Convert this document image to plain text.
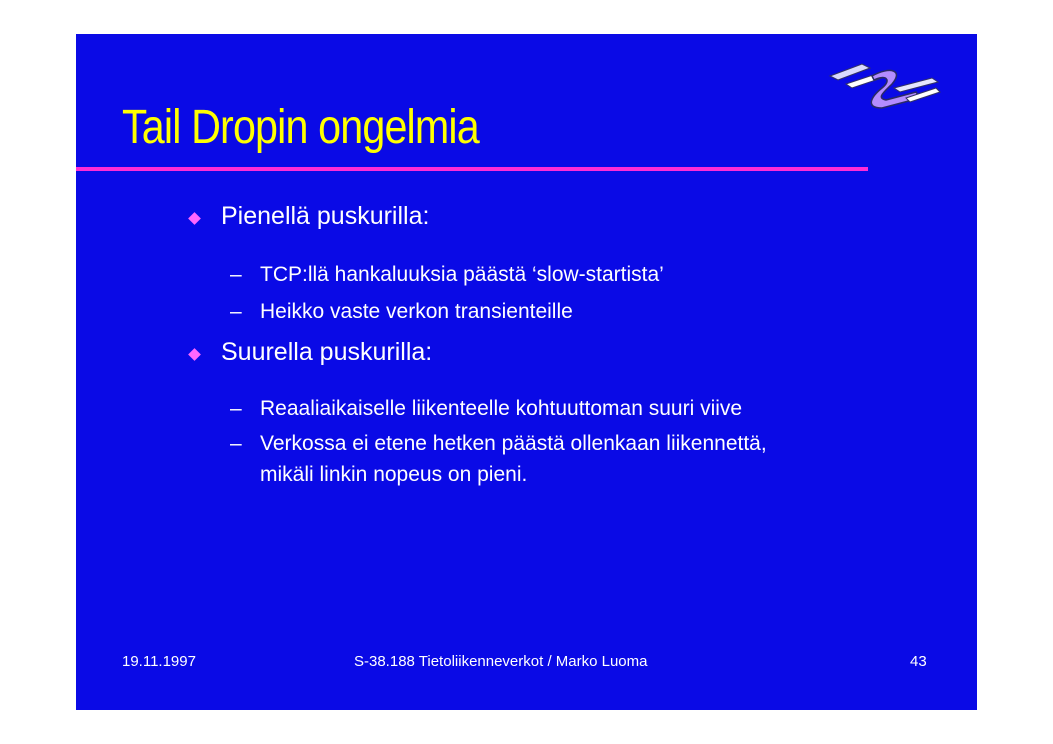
Tail Dropin ongelmia
Pienellä puskurilla:
– TCP:llä hankaluuksia päästä ‘slow-startista’
– Heikko vaste verkon transienteille
Suurella puskurilla:
– Reaaliaikaiselle liikenteelle kohtuuttoman suuri viive
– Verkossa ei etene hetken päästä ollenkaan liikennettä,
mikäli linkin nopeus on pieni.
19.11.1997	S-38.188 Tietoliikenneverkot / Marko Luoma	43
